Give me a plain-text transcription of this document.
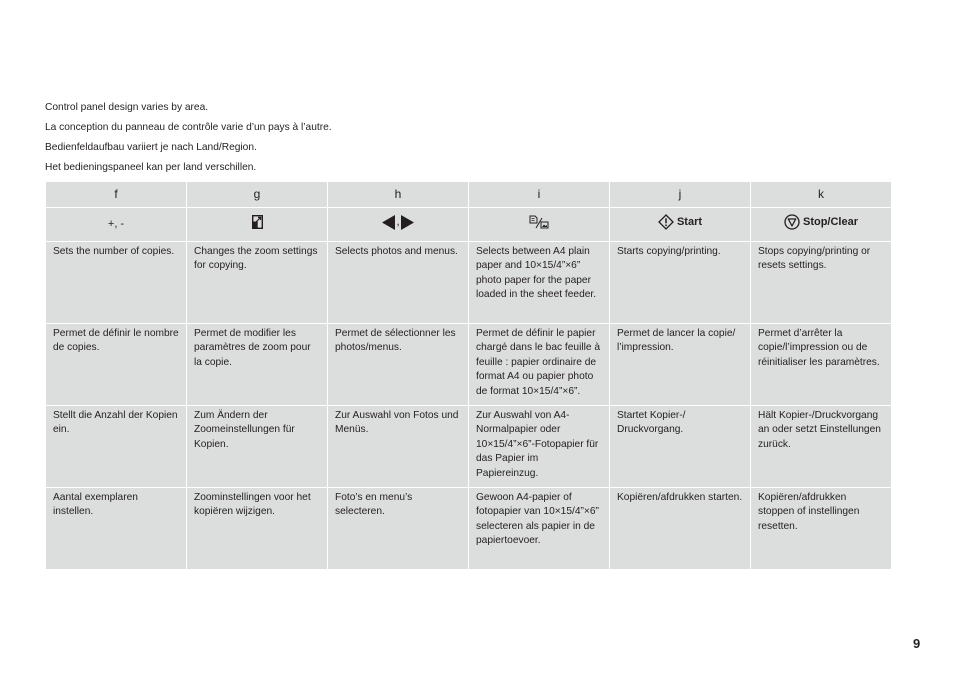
Control panel design varies by area.

La conception du panneau de contrôle varie d’un pays à l’autre.

Bedienfeldaufbau variiert je nach Land/Region.

Het bedieningspaneel kan per land verschillen.

f	g	h	i	j	k
+, -		,		Start	Stop/Clear

Sets the number of copies.	Changes the zoom settings for copying.	Selects photos and menus.	Selects between A4 plain paper and 10×15/4”×6” photo paper for the paper loaded in the sheet feeder.	Starts copying/printing.	Stops copying/printing or resets settings.
Permet de définir le nombre de copies.	Permet de modifier les paramètres de zoom pour la copie.	Permet de sélectionner les photos/menus.	Permet de définir le papier chargé dans le bac feuille à feuille : papier ordinaire de format A4 ou papier photo de format 10×15/4”×6”.	Permet de lancer la copie/ l’impression.	Permet d’arrêter la copie/l’impression ou de réinitialiser les paramètres.
Stellt die Anzahl der Kopien ein.	Zum Ändern der Zoomeinstellungen für Kopien.	Zur Auswahl von Fotos und Menüs.	Zur Auswahl von A4-Normalpapier oder 10×15/4”×6”-Fotopapier für das Papier im Papiereinzug.	Startet Kopier-/ Druckvorgang.	Hält Kopier-/Druckvorgang an oder setzt Einstellungen zurück.
Aantal exemplaren instellen.	Zoominstellingen voor het kopiëren wijzigen.	Foto’s en menu’s selecteren.	Gewoon A4-papier of fotopapier van 10×15/4”×6” selecteren als papier in de papiertoevoer.	Kopiëren/afdrukken starten.	Kopiëren/afdrukken stoppen of instellingen resetten.
9
